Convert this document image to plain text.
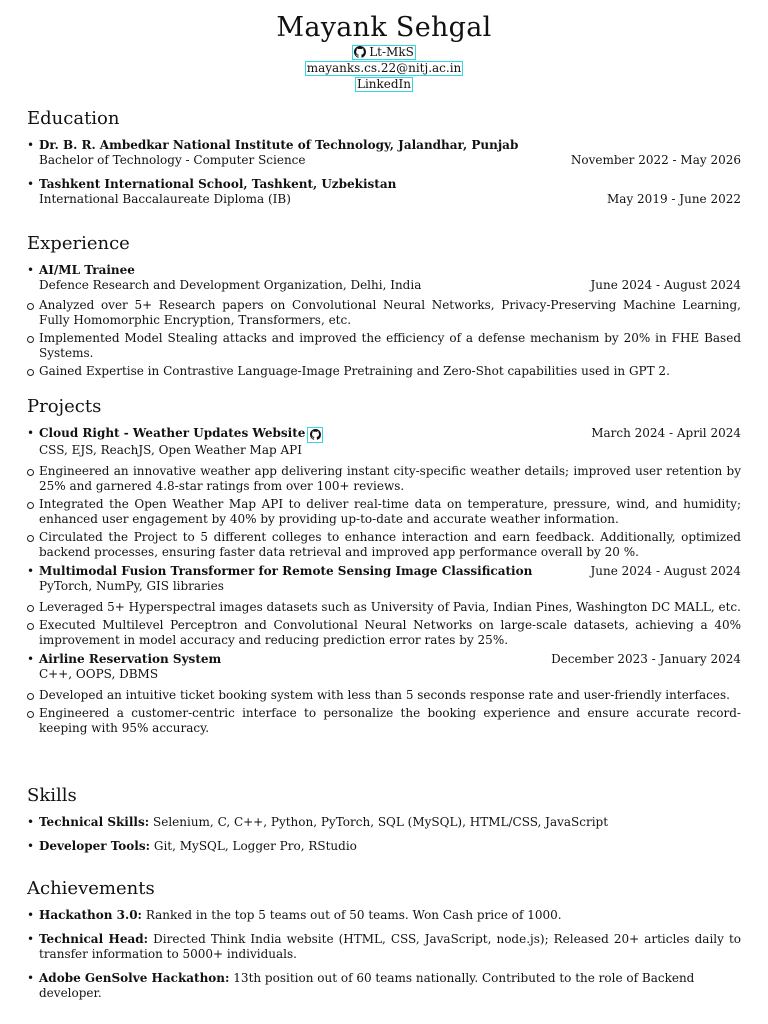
Mayank Sehgal
Lt-MkS
mayanks.cs.22@nitj.ac.in
LinkedIn
Education
• Dr. B. R. Ambedkar National Institute of Technology, Jalandhar, Punjab
Bachelor of Technology - Computer Science	November 2022 - May 2026
• Tashkent International School, Tashkent, Uzbekistan
International Baccalaureate Diploma (IB)	May 2019 - June 2022
Experience
• AI/ML Trainee
Defence Research and Development Organization, Delhi, India	June 2024 - August 2024
Analyzed over 5+ Research papers on Convolutional Neural Networks, Privacy-Preserving Machine Learning, Fully Homomorphic Encryption, Transformers, etc.
Implemented Model Stealing attacks and improved the efficiency of a defense mechanism by 20% in FHE Based Systems.
Gained Expertise in Contrastive Language-Image Pretraining and Zero-Shot capabilities used in GPT 2.
Projects
• Cloud Right - Weather Updates Website	March 2024 - April 2024
CSS, EJS, ReachJS, Open Weather Map API
Engineered an innovative weather app delivering instant city-specific weather details; improved user retention by 25% and garnered 4.8-star ratings from over 100+ reviews.
Integrated the Open Weather Map API to deliver real-time data on temperature, pressure, wind, and humidity; enhanced user engagement by 40% by providing up-to-date and accurate weather information.
Circulated the Project to 5 different colleges to enhance interaction and earn feedback. Additionally, optimized backend processes, ensuring faster data retrieval and improved app performance overall by 20 %.
• Multimodal Fusion Transformer for Remote Sensing Image Classification	June 2024 - August 2024
PyTorch, NumPy, GIS libraries
Leveraged 5+ Hyperspectral images datasets such as University of Pavia, Indian Pines, Washington DC MALL, etc.
Executed Multilevel Perceptron and Convolutional Neural Networks on large-scale datasets, achieving a 40% improvement in model accuracy and reducing prediction error rates by 25%.
• Airline Reservation System	December 2023 - January 2024
C++, OOPS, DBMS
Developed an intuitive ticket booking system with less than 5 seconds response rate and user-friendly interfaces.
Engineered a customer-centric interface to personalize the booking experience and ensure accurate record-keeping with 95% accuracy.
Skills
• Technical Skills: Selenium, C, C++, Python, PyTorch, SQL (MySQL), HTML/CSS, JavaScript
• Developer Tools: Git, MySQL, Logger Pro, RStudio
Achievements
• Hackathon 3.0: Ranked in the top 5 teams out of 50 teams. Won Cash price of 1000.
• Technical Head: Directed Think India website (HTML, CSS, JavaScript, node.js); Released 20+ articles daily to transfer information to 5000+ individuals.
• Adobe GenSolve Hackathon: 13th position out of 60 teams nationally. Contributed to the role of Backend developer.
